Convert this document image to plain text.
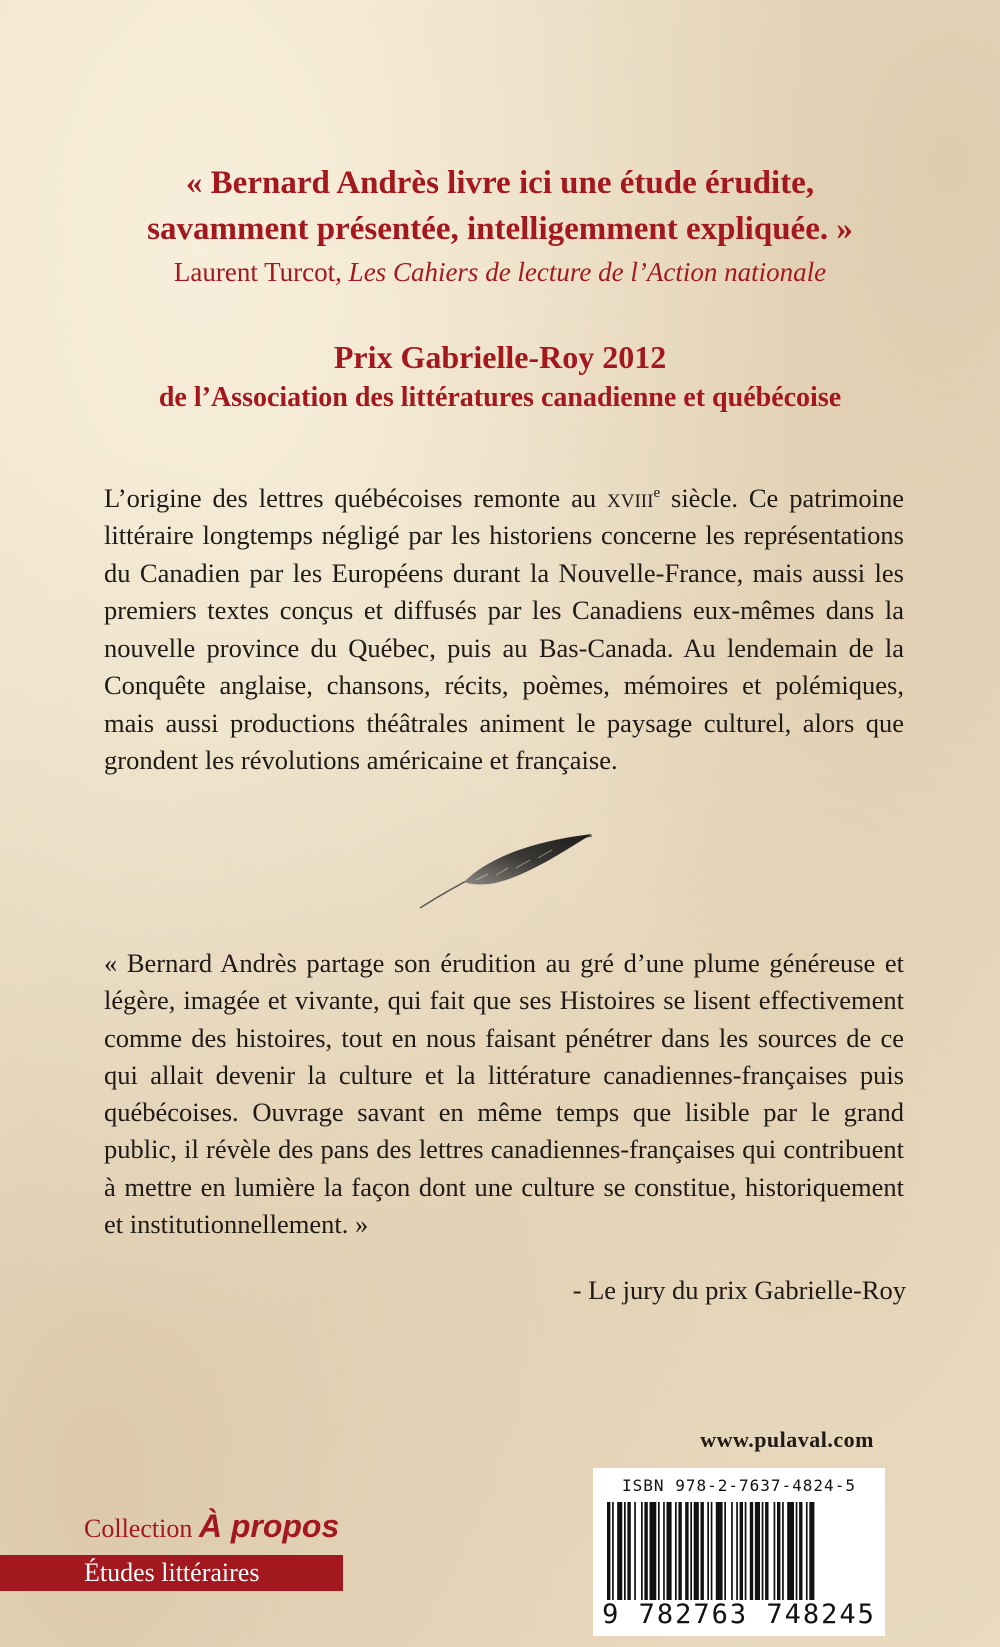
« Bernard Andrès livre ici une étude érudite,
savamment présentée, intelligemment expliquée. »
Laurent Turcot, Les Cahiers de lecture de l’Action nationale
Prix Gabrielle-Roy 2012
de l’Association des littératures canadienne et québécoise
L’origine des lettres québécoises remonte au xviii$^e$ siècle. Ce patrimoine littéraire longtemps négligé par les historiens concerne les représentations du Canadien par les Européens durant la Nouvelle-France, mais aussi les premiers textes conçus et diffusés par les Canadiens eux-mêmes dans la nouvelle province du Québec, puis au Bas-Canada. Au lendemain de la Conquête anglaise, chansons, récits, poèmes, mémoires et polémiques, mais aussi productions théâtrales animent le paysage culturel, alors que grondent les révolutions américaine et française.
« Bernard Andrès partage son érudition au gré d’une plume généreuse et légère, imagée et vivante, qui fait que ses Histoires se lisent effectivement comme des histoires, tout en nous faisant pénétrer dans les sources de ce qui allait devenir la culture et la littérature canadiennes-françaises puis québécoises. Ouvrage savant en même temps que lisible par le grand public, il révèle des pans des lettres canadiennes-françaises qui contribuent à mettre en lumière la façon dont une culture se constitue, historiquement et institutionnellement. »
- Le jury du prix Gabrielle-Roy
www.pulaval.com
ISBN 978-2-7637-4824-5
9 782763 748245
Collection À propos
Études littéraires
